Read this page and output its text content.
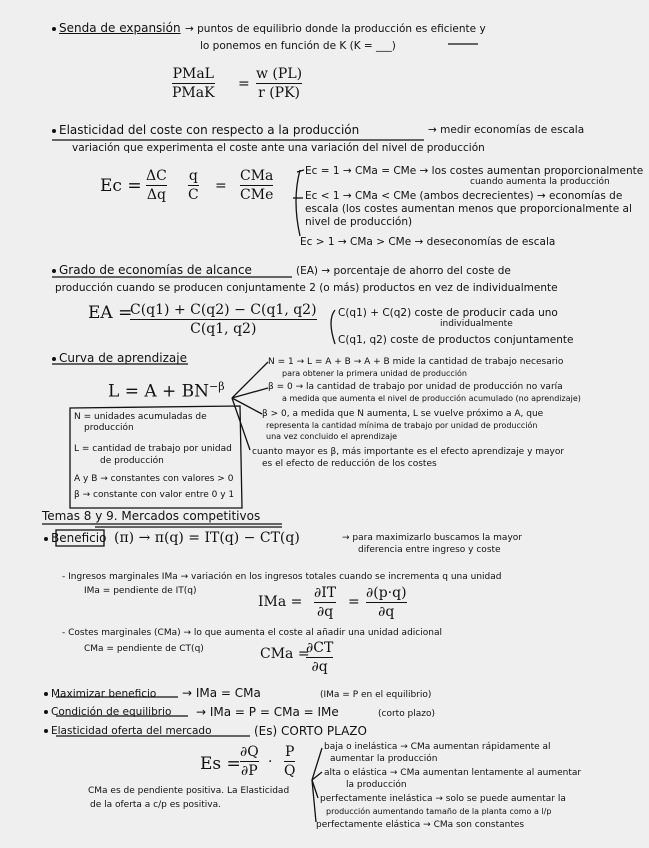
Senda de expansión → puntos de equilibrio donde la producción es eficiente y
lo ponemos en función de K (K = ___)
PMaL
PMaK
=
w (PL)
r (PK)
Elasticidad del coste con respecto a la producción	→ medir economías de escala
variación que experimenta el coste ante una variación del nivel de producción
Ec = ΔC
Δq
q
C
=
CMa
CMe
Ec = 1 → CMa = CMe → los costes aumentan proporcionalmente
cuando aumenta la producción
Ec < 1 → CMa < CMe (ambos decrecientes) → economías de
escala (los costes aumentan menos que proporcionalmente al
nivel de producción)
Ec > 1 → CMa > CMe → deseconomías de escala
Grado de economías de alcance	(EA) → porcentaje de ahorro del coste de
producción cuando se producen conjuntamente 2 (o más) productos en vez de individualmente
EA =
C(q1) + C(q2) − C(q1, q2)
C(q1, q2)
C(q1) + C(q2) coste de producir cada uno
individualmente
C(q1, q2) coste de productos conjuntamente
Curva de aprendizaje
$L = A + BN^{-\beta}$
N = unidades acumuladas de
producción
L = cantidad de trabajo por unidad
de producción
A y B → constantes con valores > 0
β → constante con valor entre 0 y 1
N = 1 → L = A + B → A + B mide la cantidad de trabajo necesario
para obtener la primera unidad de producción
β = 0 → la cantidad de trabajo por unidad de producción no varía
a medida que aumenta el nivel de producción acumulado (no aprendizaje)
β > 0, a medida que N aumenta, L se vuelve próximo a A, que
representa la cantidad mínima de trabajo por unidad de producción
una vez concluido el aprendizaje
cuanto mayor es β, más importante es el efecto aprendizaje y mayor
es el efecto de reducción de los costes
Temas 8 y 9. Mercados competitivos
Beneficio (π) → π(q) = IT(q) − CT(q)	→ para maximizarlo buscamos la mayor
diferencia entre ingreso y coste
- Ingresos marginales IMa → variación en los ingresos totales cuando se incrementa q una unidad
IMa = pendiente de IT(q)
IMa =
∂IT
∂q
=
∂(p·q)
∂q
- Costes marginales (CMa) → lo que aumenta el coste al añadir una unidad adicional
CMa = pendiente de CT(q)	CMa =
∂CT
∂q
Maximizar beneficio → IMa = CMa	(IMa = P en el equilibrio)
Condición de equilibrio → IMa = P = CMa = IMe	(corto plazo)
Elasticidad oferta del mercado	(Es) CORTO PLAZO
Es =
∂Q
∂P
·
P
Q
CMa es de pendiente positiva. La Elasticidad
de la oferta a c/p es positiva.
baja o inelástica → CMa aumentan rápidamente al
aumentar la producción
alta o elástica → CMa aumentan lentamente al aumentar
la producción
perfectamente inelástica → solo se puede aumentar la
producción aumentando tamaño de la planta como a l/p
perfectamente elástica → CMa son constantes
